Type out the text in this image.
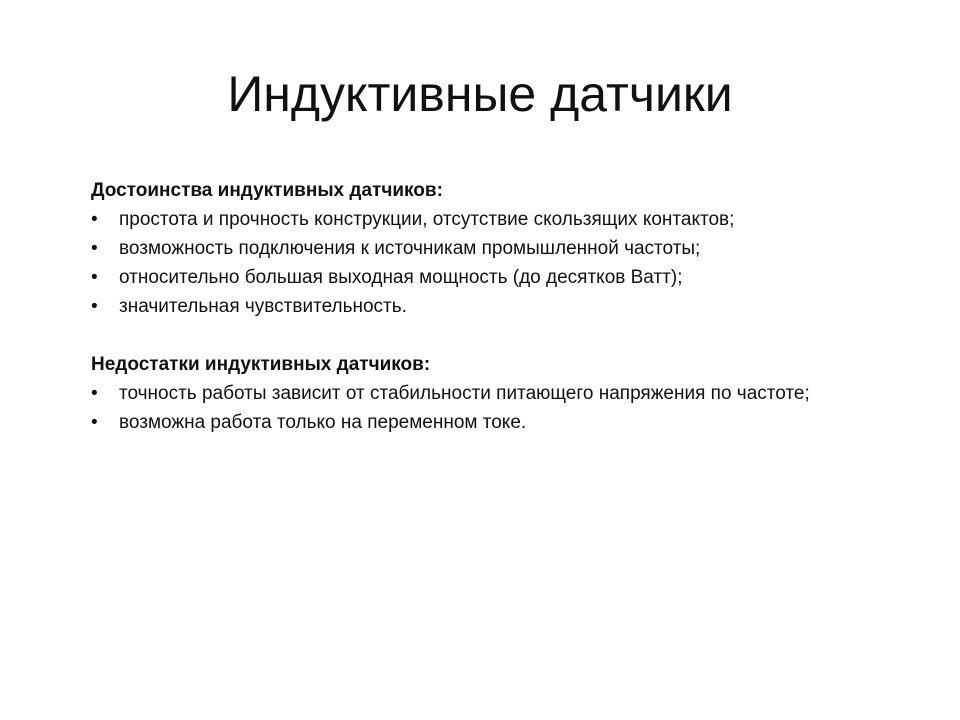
Индуктивные датчики

Достоинства индуктивных датчиков:

•	простота и прочность конструкции, отсутствие скользящих контактов;
•	возможность подключения к источникам промышленной частоты;
•	относительно большая выходная мощность (до десятков Ватт);
•	значительная чувствительность.

Недостатки индуктивных датчиков:

•	точность работы зависит от стабильности питающего напряжения по частоте;
•	возможна работа только на переменном токе.
